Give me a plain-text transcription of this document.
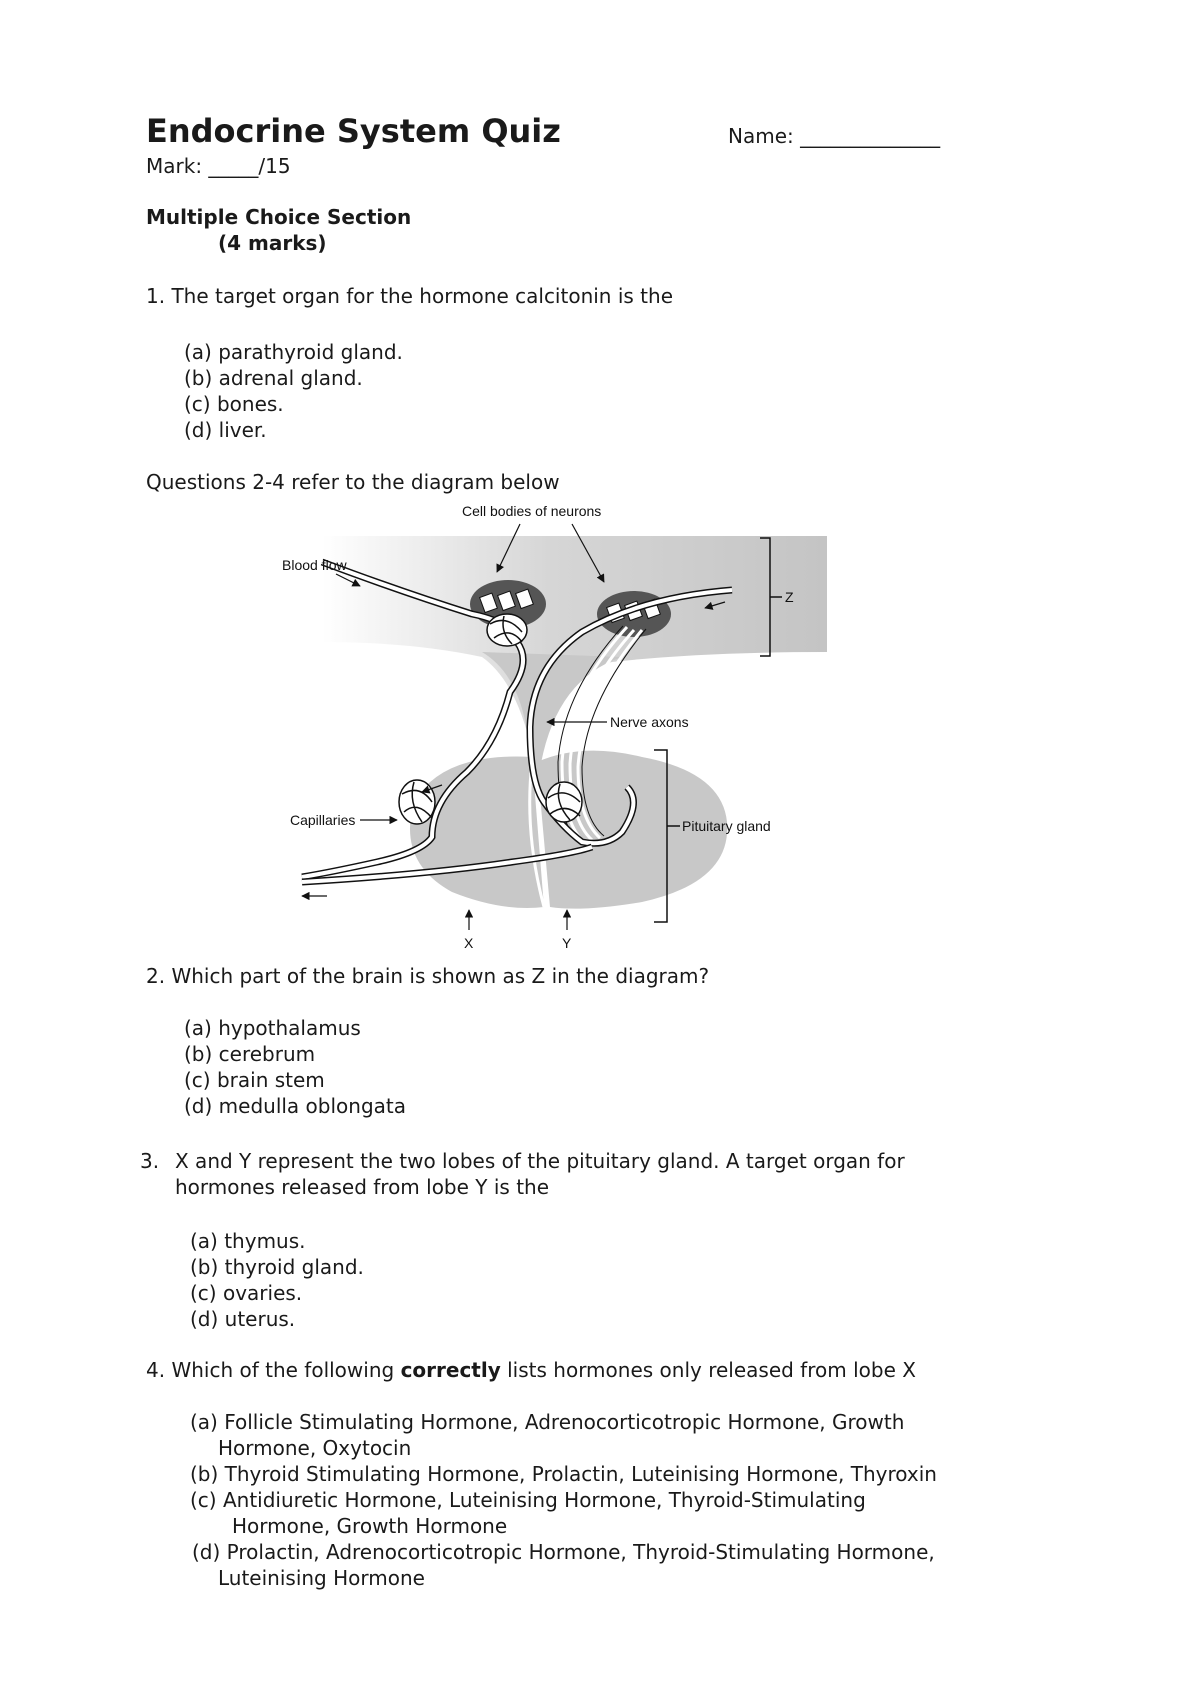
Endocrine System Quiz	Name: ______________
Mark: _____/15
Multiple Choice Section
(4 marks)
1. The target organ for the hormone calcitonin is the
(a) parathyroid gland.
(b) adrenal gland.
(c) bones.
(d) liver.
Questions 2-4 refer to the diagram below
Cell bodies of neurons
Blood flow
Z
Nerve axons
Capillaries	Pituitary gland
X	Y
2. Which part of the brain is shown as Z in the diagram?
(a) hypothalamus
(b) cerebrum
(c) brain stem
(d) medulla oblongata
3. X and Y represent the two lobes of the pituitary gland. A target organ for
hormones released from lobe Y is the
(a) thymus.
(b) thyroid gland.
(c) ovaries.
(d) uterus.
4. Which of the following correctly lists hormones only released from lobe X
(a) Follicle Stimulating Hormone, Adrenocorticotropic Hormone, Growth
Hormone, Oxytocin
(b) Thyroid Stimulating Hormone, Prolactin, Luteinising Hormone, Thyroxin
(c) Antidiuretic Hormone, Luteinising Hormone, Thyroid-Stimulating
Hormone, Growth Hormone
(d) Prolactin, Adrenocorticotropic Hormone, Thyroid-Stimulating Hormone,
Luteinising Hormone
